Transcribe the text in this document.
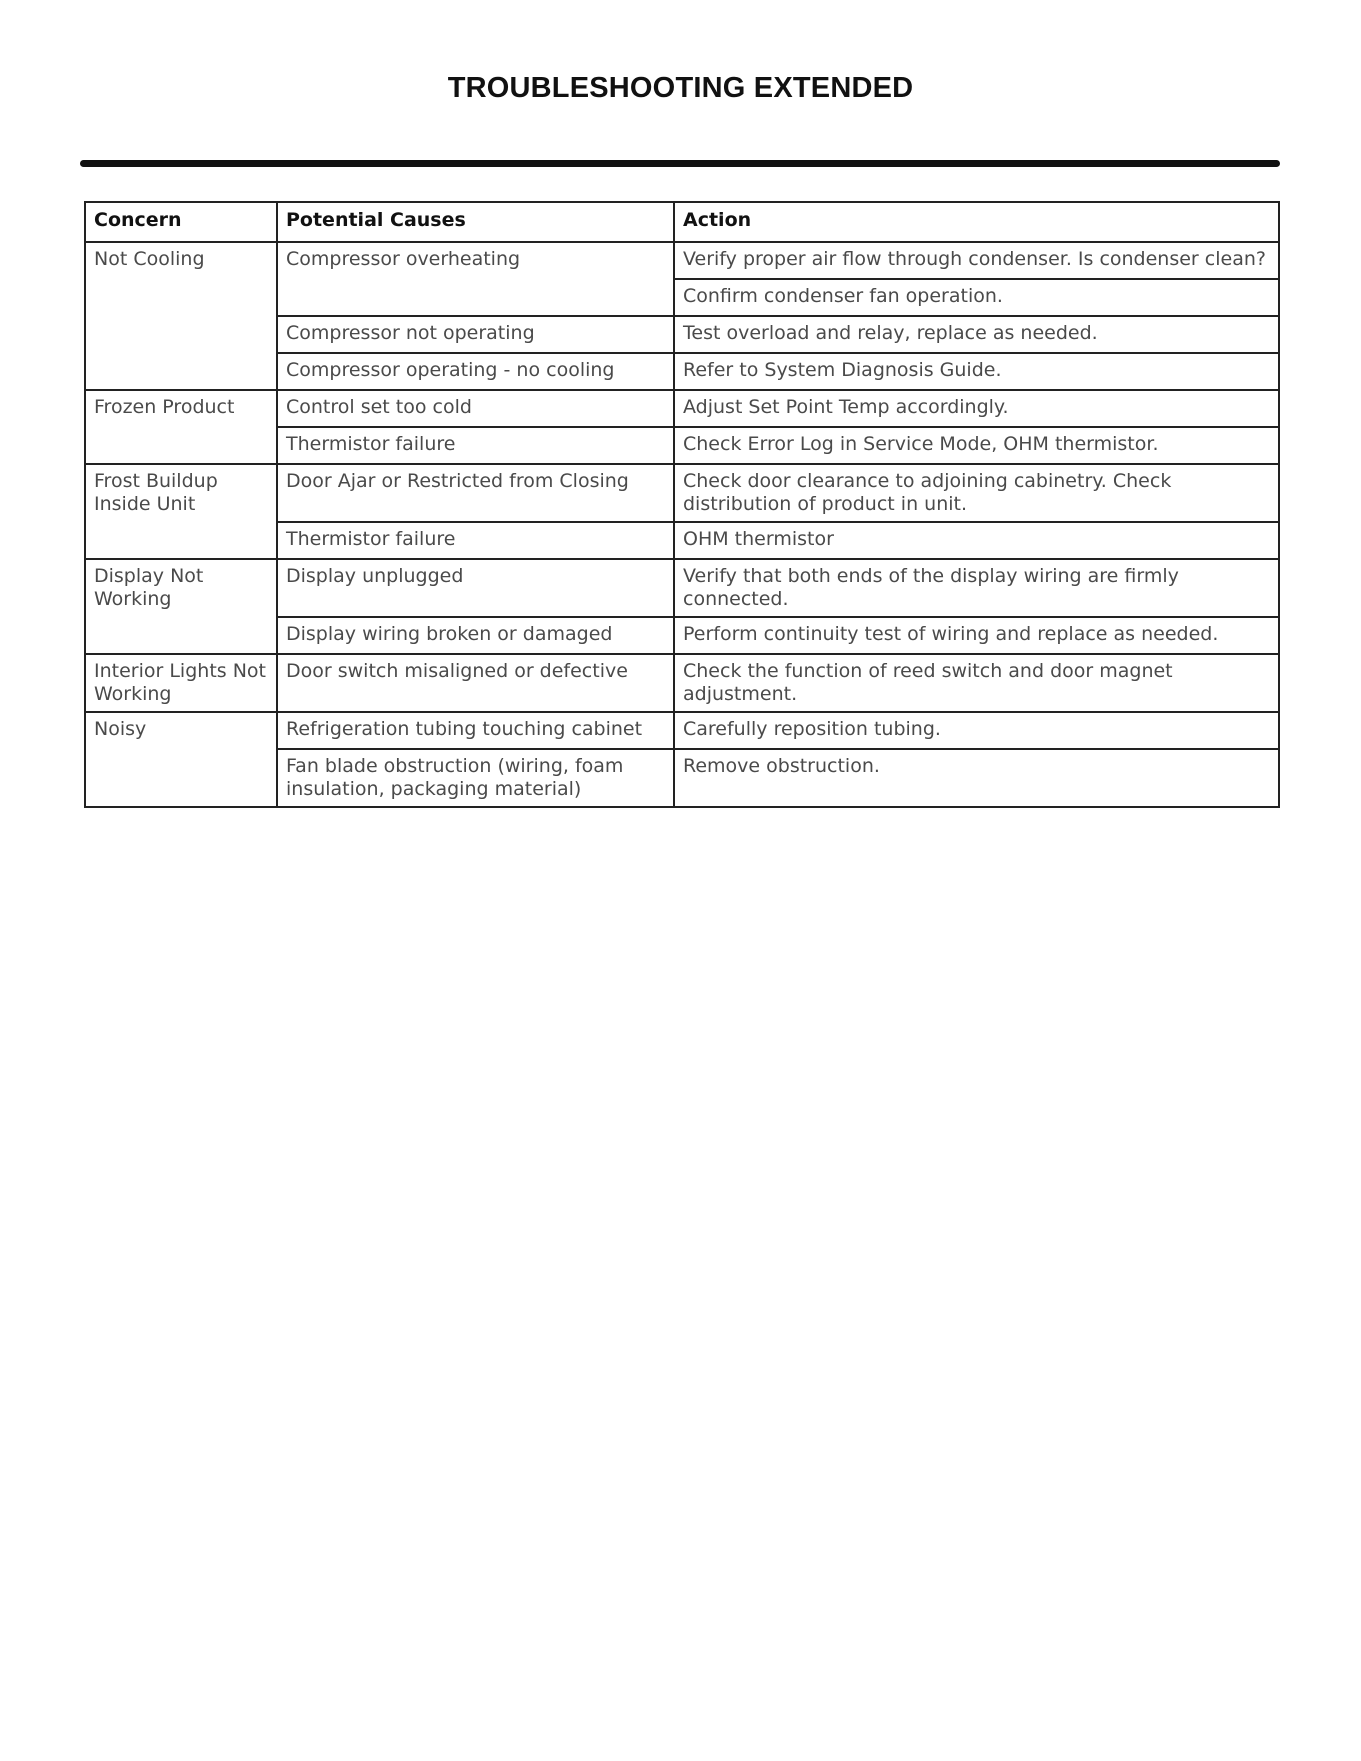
TROUBLESHOOTING EXTENDED
Concern	Potential Causes	Action
Not Cooling	Compressor overheating	Verify proper air flow through condenser. Is condenser clean?
		Confirm condenser fan operation.
	Compressor not operating	Test overload and relay, replace as needed.
	Compressor operating - no cooling	Refer to System Diagnosis Guide.
Frozen Product	Control set too cold	Adjust Set Point Temp accordingly.
	Thermistor failure	Check Error Log in Service Mode, OHM thermistor.
Frost Buildup Inside Unit	Door Ajar or Restricted from Closing	Check door clearance to adjoining cabinetry. Check distribution of product in unit.
	Thermistor failure	OHM thermistor
Display Not Working	Display unplugged	Verify that both ends of the display wiring are firmly connected.
	Display wiring broken or damaged	Perform continuity test of wiring and replace as needed.
Interior Lights Not Working	Door switch misaligned or defective	Check the function of reed switch and door magnet adjustment.
Noisy	Refrigeration tubing touching cabinet	Carefully reposition tubing.
	Fan blade obstruction (wiring, foam insulation, packaging material)	Remove obstruction.
